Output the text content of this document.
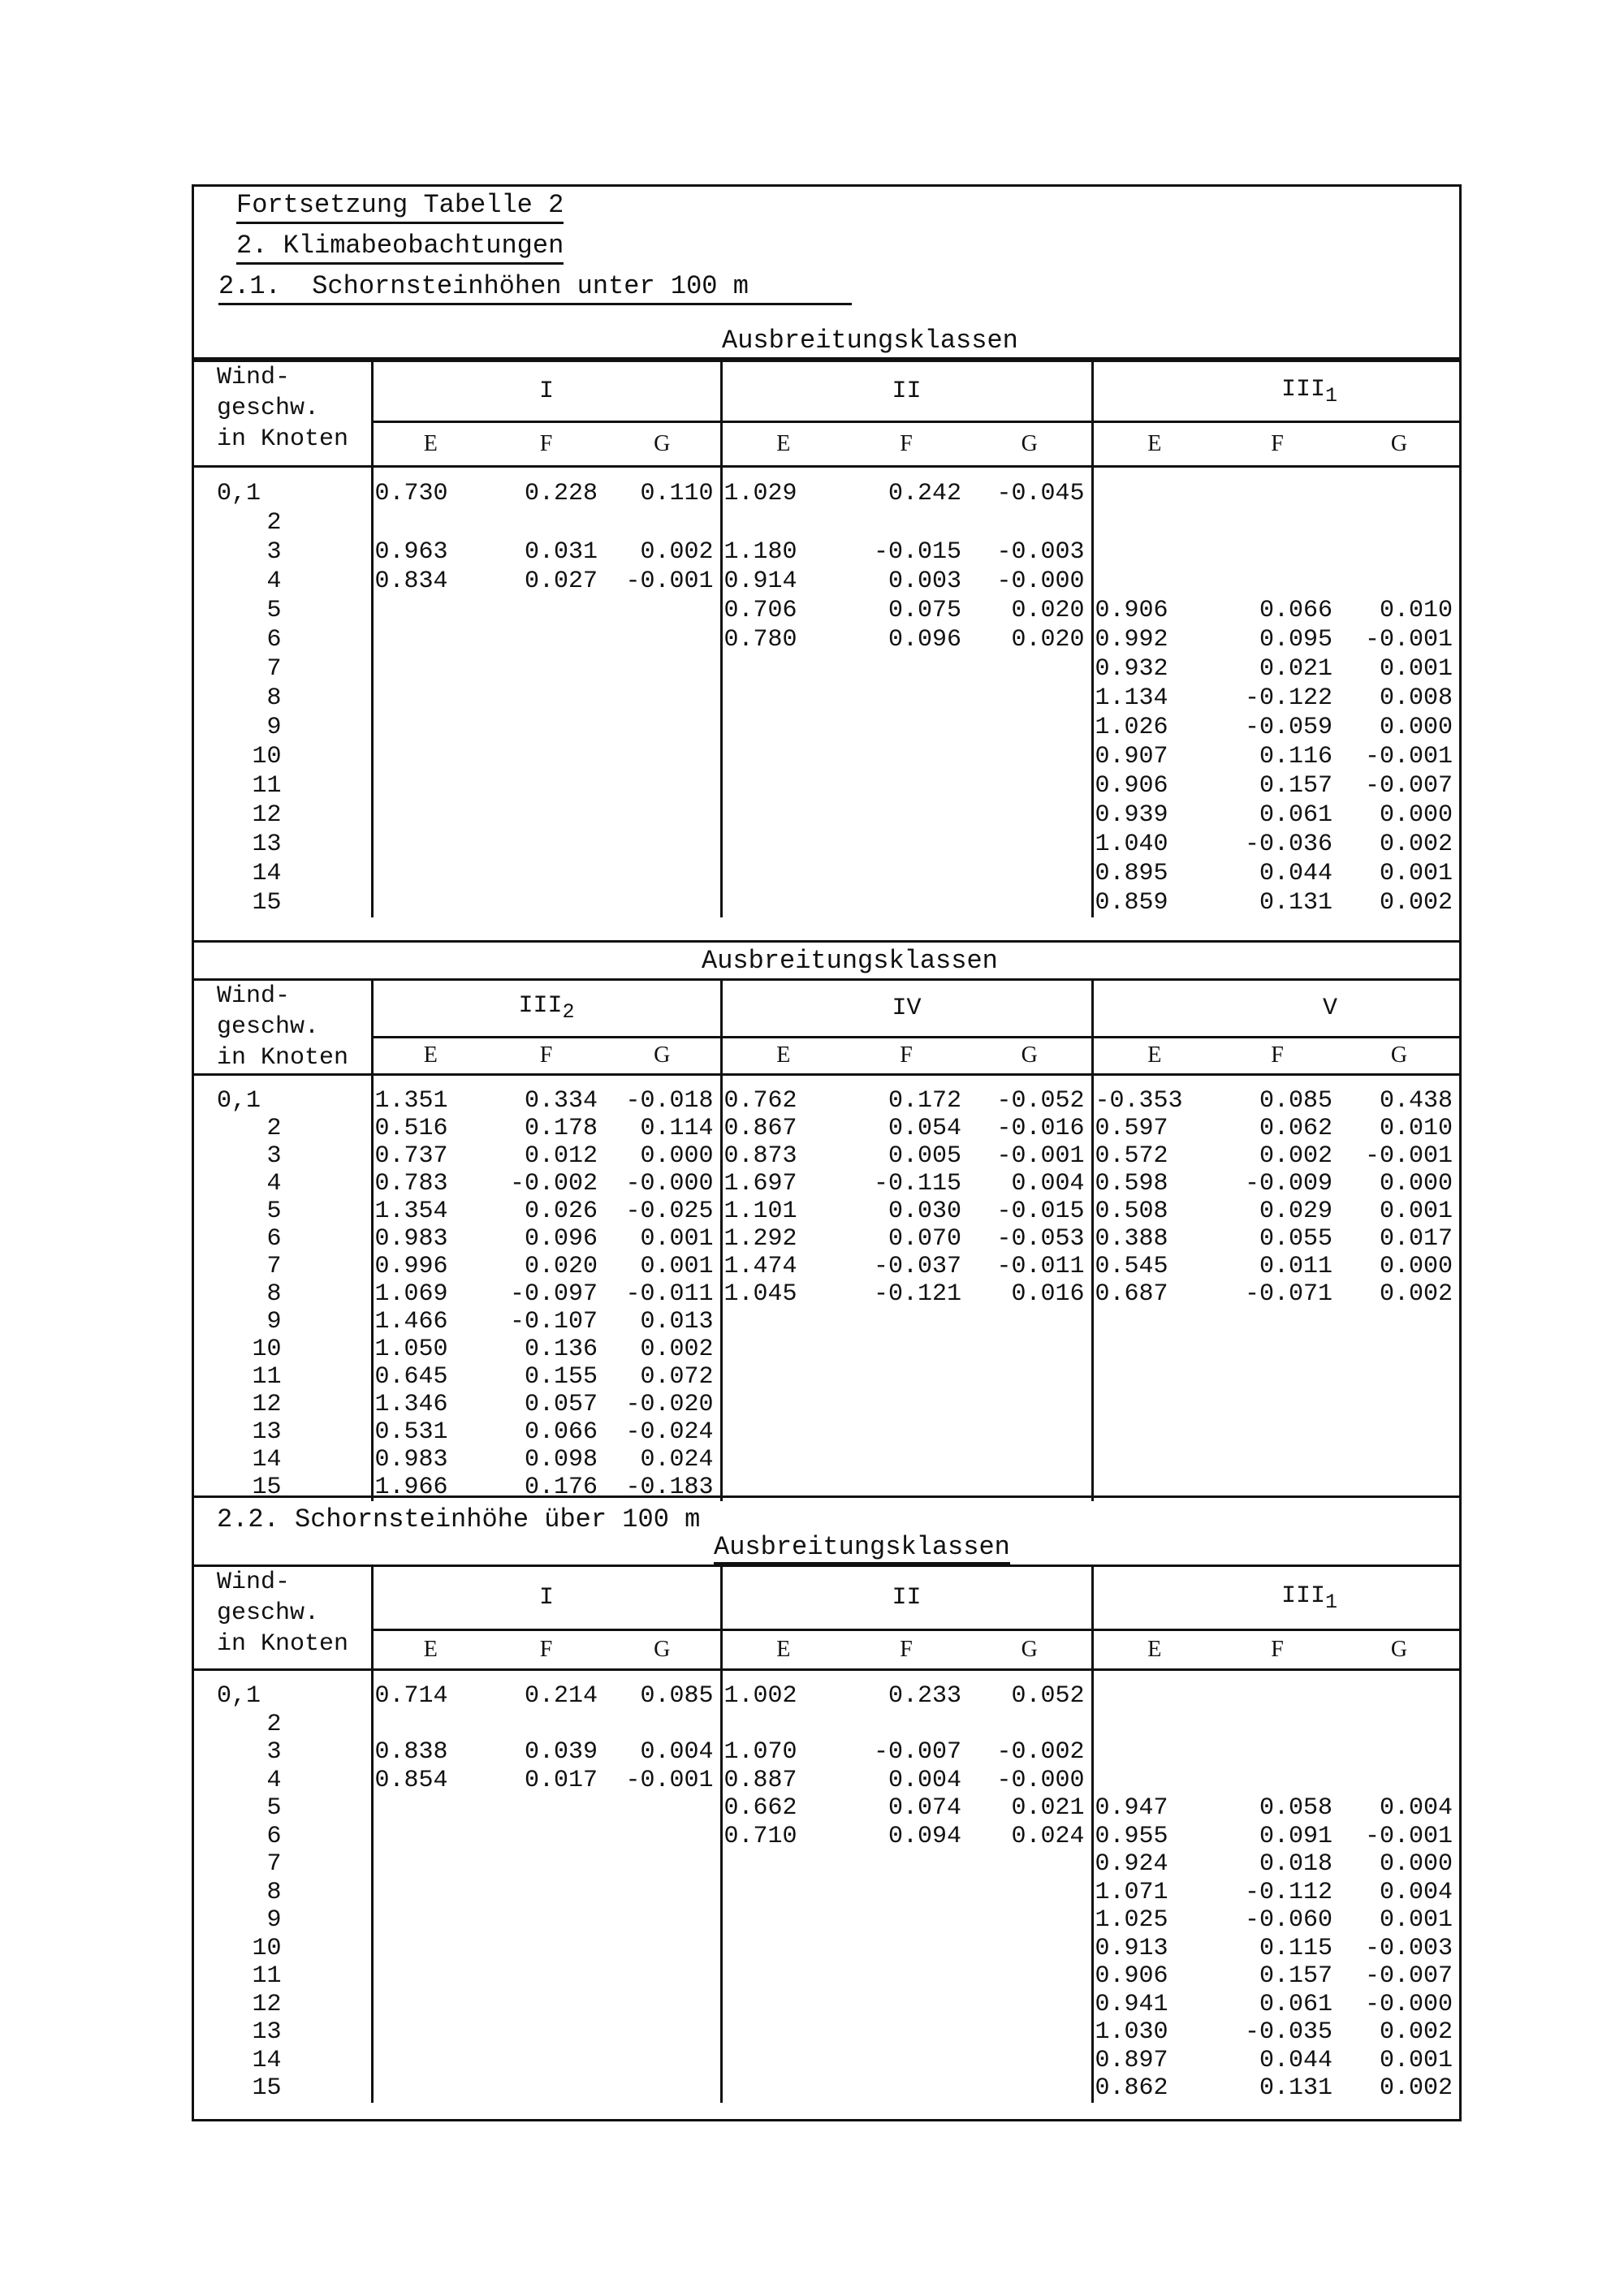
Fortsetzung Tabelle 2
2. Klimabeobachtungen
2.1.  Schornsteinhöhen unter 100 m
Ausbreitungsklassen
Wind-
geschw.
in Knoten	I			II			$III_1$
	E	F	G	E	F	G	E	F	G
0,1	0.730	0.228	0.110	1.029	0.242	-0.045			
2									
3	0.963	0.031	0.002	1.180	-0.015	-0.003			
4	0.834	0.027	-0.001	0.914	0.003	-0.000			
5				0.706	0.075	0.020	0.906	0.066	0.010
6				0.780	0.096	0.020	0.992	0.095	-0.001
7							0.932	0.021	0.001
8							1.134	-0.122	0.008
9							1.026	-0.059	0.000
10							0.907	0.116	-0.001
11							0.906	0.157	-0.007
12							0.939	0.061	0.000
13							1.040	-0.036	0.002
14							0.895	0.044	0.001
15							0.859	0.131	0.002
Ausbreitungsklassen
Wind-
geschw.
in Knoten	$III_2$			IV			V		
	E	F	G	E	F	G	E	F	G
0,1	1.351	0.334	-0.018	0.762	0.172	-0.052	-0.353	0.085	0.438
2	0.516	0.178	0.114	0.867	0.054	-0.016	0.597	0.062	0.010
3	0.737	0.012	0.000	0.873	0.005	-0.001	0.572	0.002	-0.001
4	0.783	-0.002	-0.000	1.697	-0.115	0.004	0.598	-0.009	0.000
5	1.354	0.026	-0.025	1.101	0.030	-0.015	0.508	0.029	0.001
6	0.983	0.096	0.001	1.292	0.070	-0.053	0.388	0.055	0.017
7	0.996	0.020	0.001	1.474	-0.037	-0.011	0.545	0.011	0.000
8	1.069	-0.097	-0.011	1.045	-0.121	0.016	0.687	-0.071	0.002
9	1.466	-0.107	0.013						
10	1.050	0.136	0.002						
11	0.645	0.155	0.072						
12	1.346	0.057	-0.020						
13	0.531	0.066	-0.024						
14	0.983	0.098	0.024						
15	1.966	0.176	-0.183						
2.2. Schornsteinhöhe über 100 m
Ausbreitungsklassen
Wind-
geschw.
in Knoten	I			II			$III_1$
	E	F	G	E	F	G	E	F	G
0,1	0.714	0.214	0.085	1.002	0.233	0.052			
2									
3	0.838	0.039	0.004	1.070	-0.007	-0.002			
4	0.854	0.017	-0.001	0.887	0.004	-0.000			
5				0.662	0.074	0.021	0.947	0.058	0.004
6				0.710	0.094	0.024	0.955	0.091	-0.001
7							0.924	0.018	0.000
8							1.071	-0.112	0.004
9							1.025	-0.060	0.001
10							0.913	0.115	-0.003
11							0.906	0.157	-0.007
12							0.941	0.061	-0.000
13							1.030	-0.035	0.002
14							0.897	0.044	0.001
15							0.862	0.131	0.002
